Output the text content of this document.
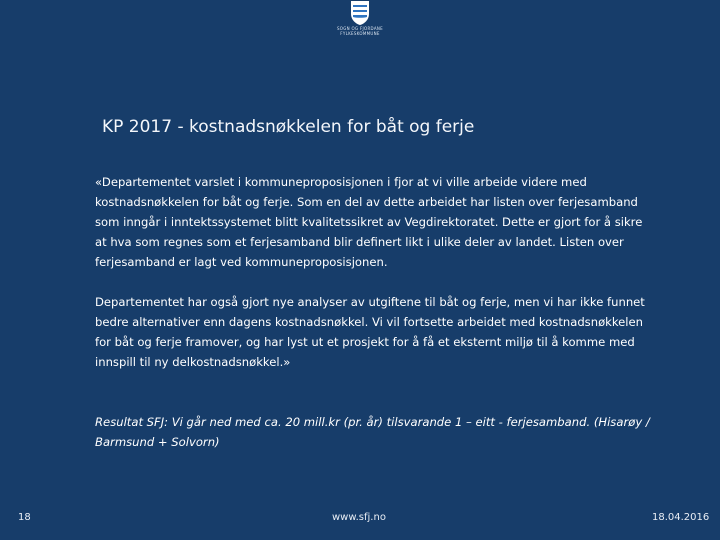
SOGN OG FJORDANE
FYLKESKOMMUNE
KP 2017 - kostnadsnøkkelen for båt og ferje
«Departementet varslet i kommuneproposisjonen i fjor at vi ville arbeide videre med kostnadsnøkkelen for båt og ferje. Som en del av dette arbeidet har listen over ferjesamband som inngår i inntektssystemet blitt kvalitetssikret av Vegdirektoratet. Dette er gjort for å sikre at hva som regnes som et ferjesamband blir definert likt i ulike deler av landet. Listen over ferjesamband er lagt ved kommuneproposisjonen.
Departementet har også gjort nye analyser av utgiftene til båt og ferje, men vi har ikke funnet bedre alternativer enn dagens kostnadsnøkkel. Vi vil fortsette arbeidet med kostnadsnøkkelen for båt og ferje framover, og har lyst ut et prosjekt for å få et eksternt miljø til å komme med innspill til ny delkostnadsnøkkel.»
Resultat SFJ: Vi går ned med ca. 20 mill.kr (pr. år) tilsvarande 1 – eitt - ferjesamband. (Hisarøy / Barmsund + Solvorn)
18	www.sfj.no	18.04.2016
